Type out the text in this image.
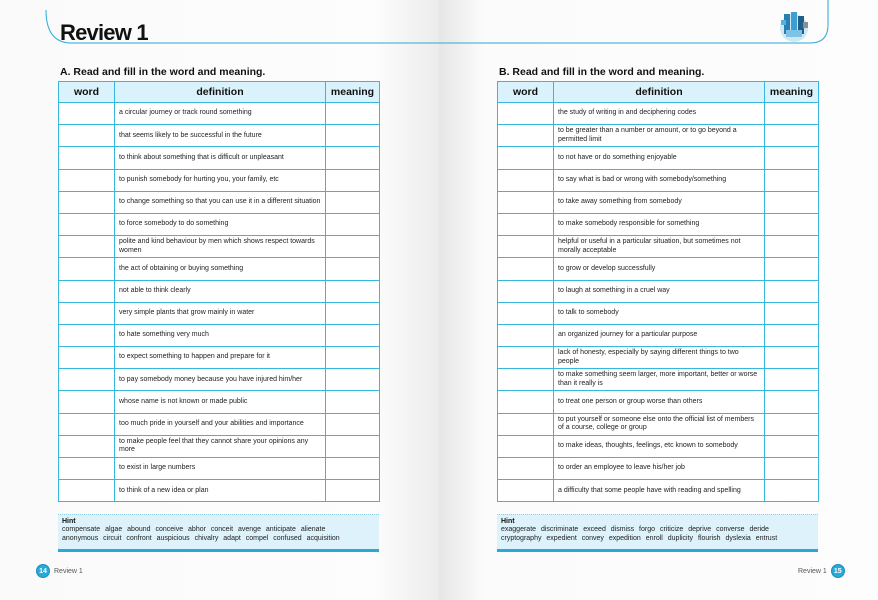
Review 1
A. Read and fill in the word and meaning.
word	definition	meaning
	a circular journey or track round something	
	that seems likely to be successful in the future	
	to think about something that is difficult or unpleasant	
	to punish somebody for hurting you, your family, etc	
	to change something so that you can use it in a different situation	
	to force somebody to do something	
	polite and kind behaviour by men which shows respect towards women	
	the act of obtaining or buying something	
	not able to think clearly	
	very simple plants that grow mainly in water	
	to hate something very much	
	to expect something to happen and prepare for it	
	to pay somebody money because you have injured him/her	
	whose name is not known or made public	
	too much pride in yourself and your abilities and importance	
	to make people feel that they cannot share your opinions any more	
	to exist in large numbers	
	to think of a new idea or plan	
Hint
compensate algae abound conceive abhor conceit avenge anticipate alienate
anonymous circuit confront auspicious chivalry adapt compel confused acquisition
14	Review 1
B. Read and fill in the word and meaning.
word	definition	meaning
	the study of writing in and deciphering codes	
	to be greater than a number or amount, or to go beyond a permitted limit	
	to not have or do something enjoyable	
	to say what is bad or wrong with somebody/something	
	to take away something from somebody	
	to make somebody responsible for something	
	helpful or useful in a particular situation, but sometimes not morally acceptable	
	to grow or develop successfully	
	to laugh at something in a cruel way	
	to talk to somebody	
	an organized journey for a particular purpose	
	lack of honesty, especially by saying different things to two people	
	to make something seem larger, more important, better or worse than it really is	
	to treat one person or group worse than others	
	to put yourself or someone else onto the official list of members of a course, college or group	
	to make ideas, thoughts, feelings, etc known to somebody	
	to order an employee to leave his/her job	
	a difficulty that some people have with reading and spelling	
Hint
exaggerate discriminate exceed dismiss forgo criticize deprive converse deride
cryptography expedient convey expedition enroll duplicity flourish dyslexia entrust
Review 1	15
